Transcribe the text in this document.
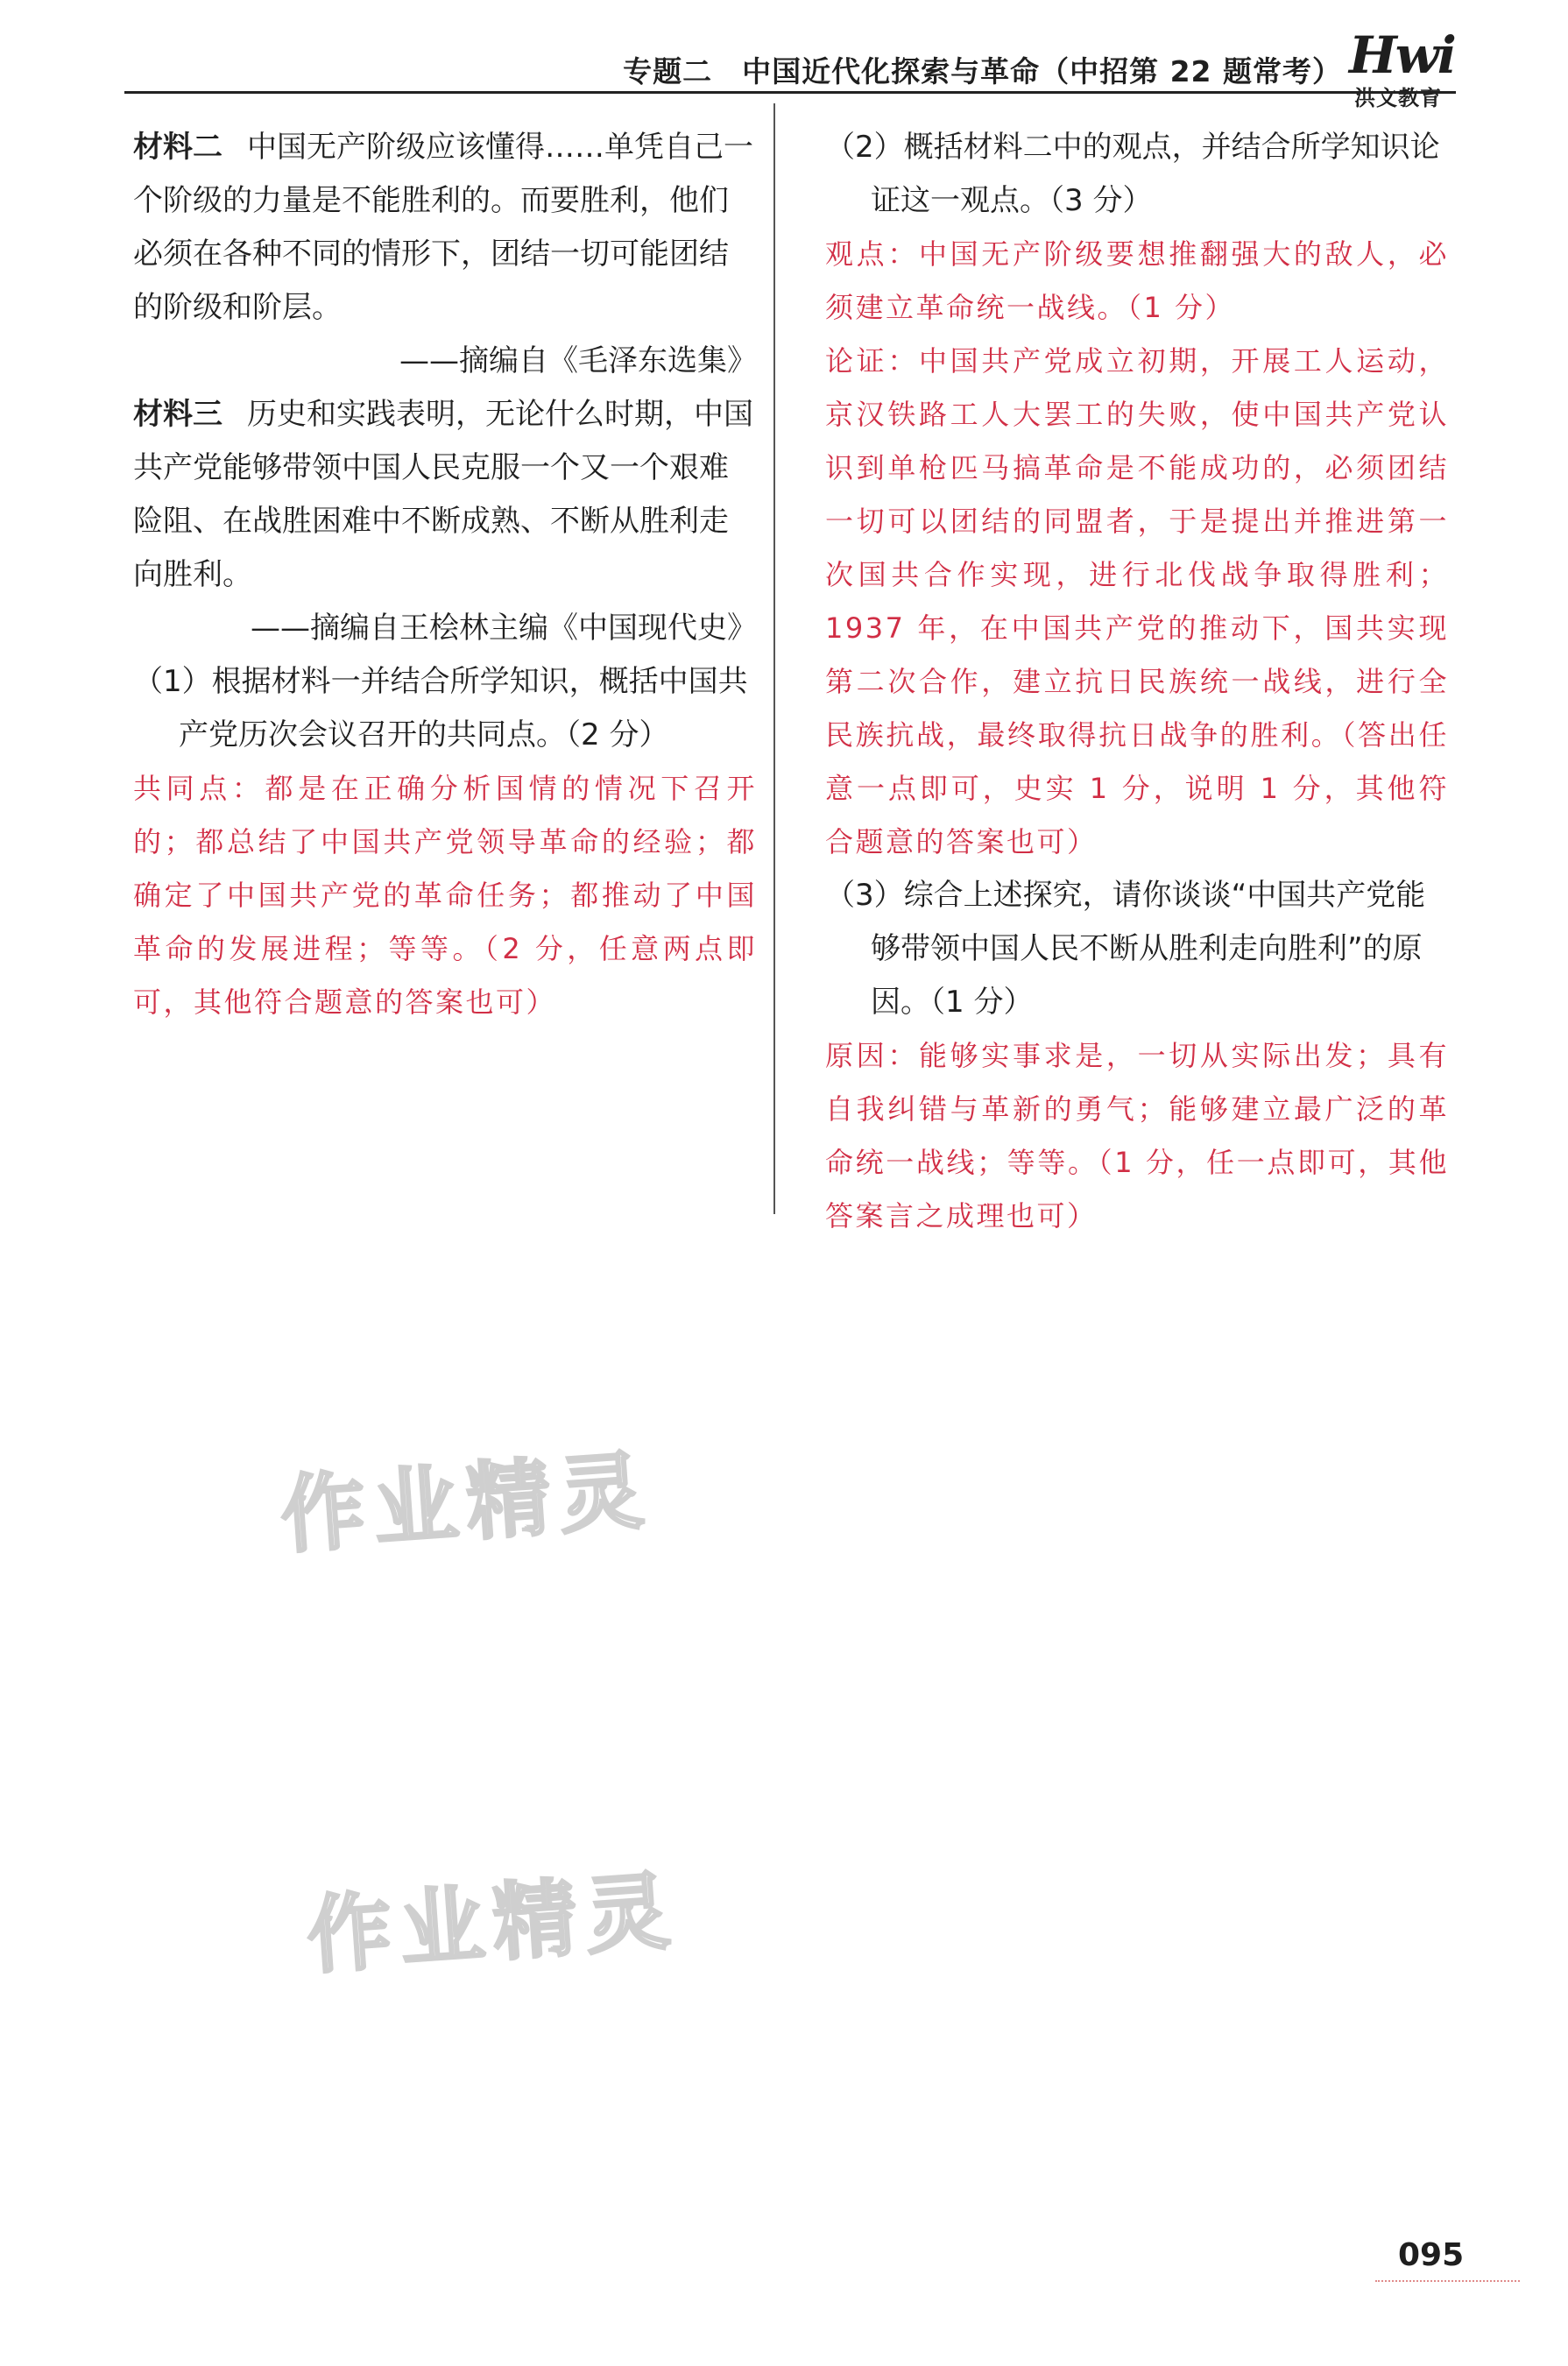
专题二　中国近代化探索与革命（中招第 22 题常考） Hwi
洪文教育

材料二 中国无产阶级应该懂得……单凭自己一个阶级的力量是不能胜利的。而要胜利，他们必须在各种不同的情形下，团结一切可能团结的阶级和阶层。

——摘编自《毛泽东选集》

材料三 历史和实践表明，无论什么时期，中国共产党能够带领中国人民克服一个又一个艰难险阻、在战胜困难中不断成熟、不断从胜利走向胜利。

——摘编自王桧林主编《中国现代史》

（1）根据材料一并结合所学知识，概括中国共产党历次会议召开的共同点。（2 分）

共同点：都是在正确分析国情的情况下召开的；都总结了中国共产党领导革命的经验；都确定了中国共产党的革命任务；都推动了中国革命的发展进程；等等。（2 分，任意两点即可，其他符合题意的答案也可）

（2）概括材料二中的观点，并结合所学知识论证这一观点。（3 分）

观点：中国无产阶级要想推翻强大的敌人，必须建立革命统一战线。（1 分）

论证：中国共产党成立初期，开展工人运动，京汉铁路工人大罢工的失败，使中国共产党认识到单枪匹马搞革命是不能成功的，必须团结一切可以团结的同盟者，于是提出并推进第一次国共合作实现，进行北伐战争取得胜利；1937 年，在中国共产党的推动下，国共实现第二次合作，建立抗日民族统一战线，进行全民族抗战，最终取得抗日战争的胜利。（答出任意一点即可，史实 1 分，说明 1 分，其他符合题意的答案也可）

（3）综合上述探究，请你谈谈“中国共产党能够带领中国人民不断从胜利走向胜利”的原因。（1 分）

原因：能够实事求是，一切从实际出发；具有自我纠错与革新的勇气；能够建立最广泛的革命统一战线；等等。（1 分，任一点即可，其他答案言之成理也可）

作业精灵
作业精灵
095
